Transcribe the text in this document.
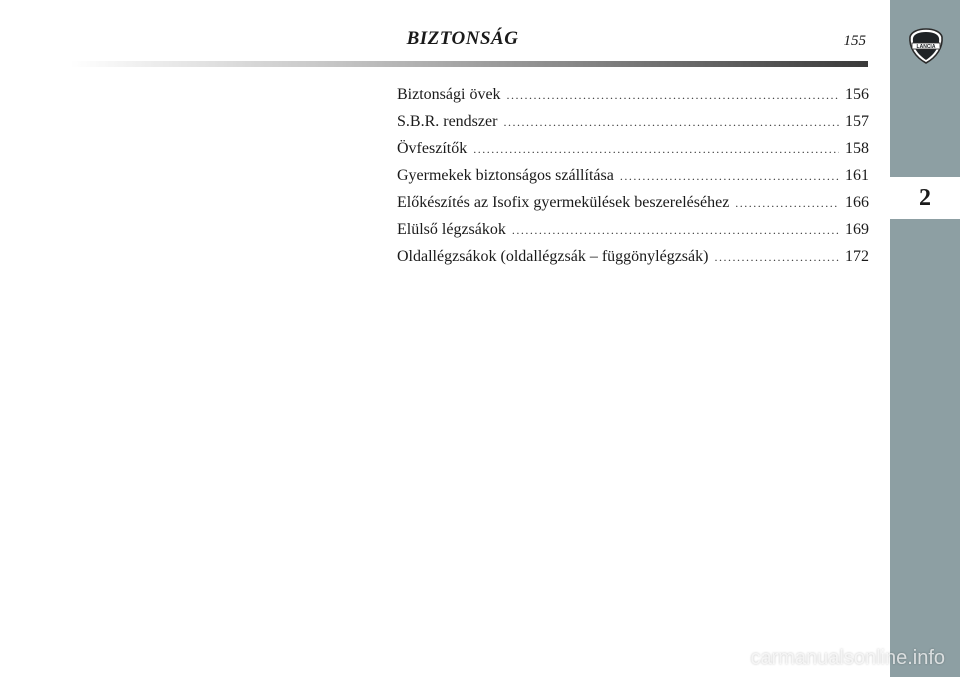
BIZTONSÁG	155
Biztonsági övek .....	156
S.B.R. rendszer .....	157
Övfeszítők .....	158
Gyermekek biztonságos szállítása .....	161
Előkészítés az Isofix gyermekülések beszereléséhez .....	166
Elülső légzsákok .....	169
Oldallégzsákok (oldallégzsák – függönylégzsák) .....	172
LANCIA
2
carmanualsonline.info
